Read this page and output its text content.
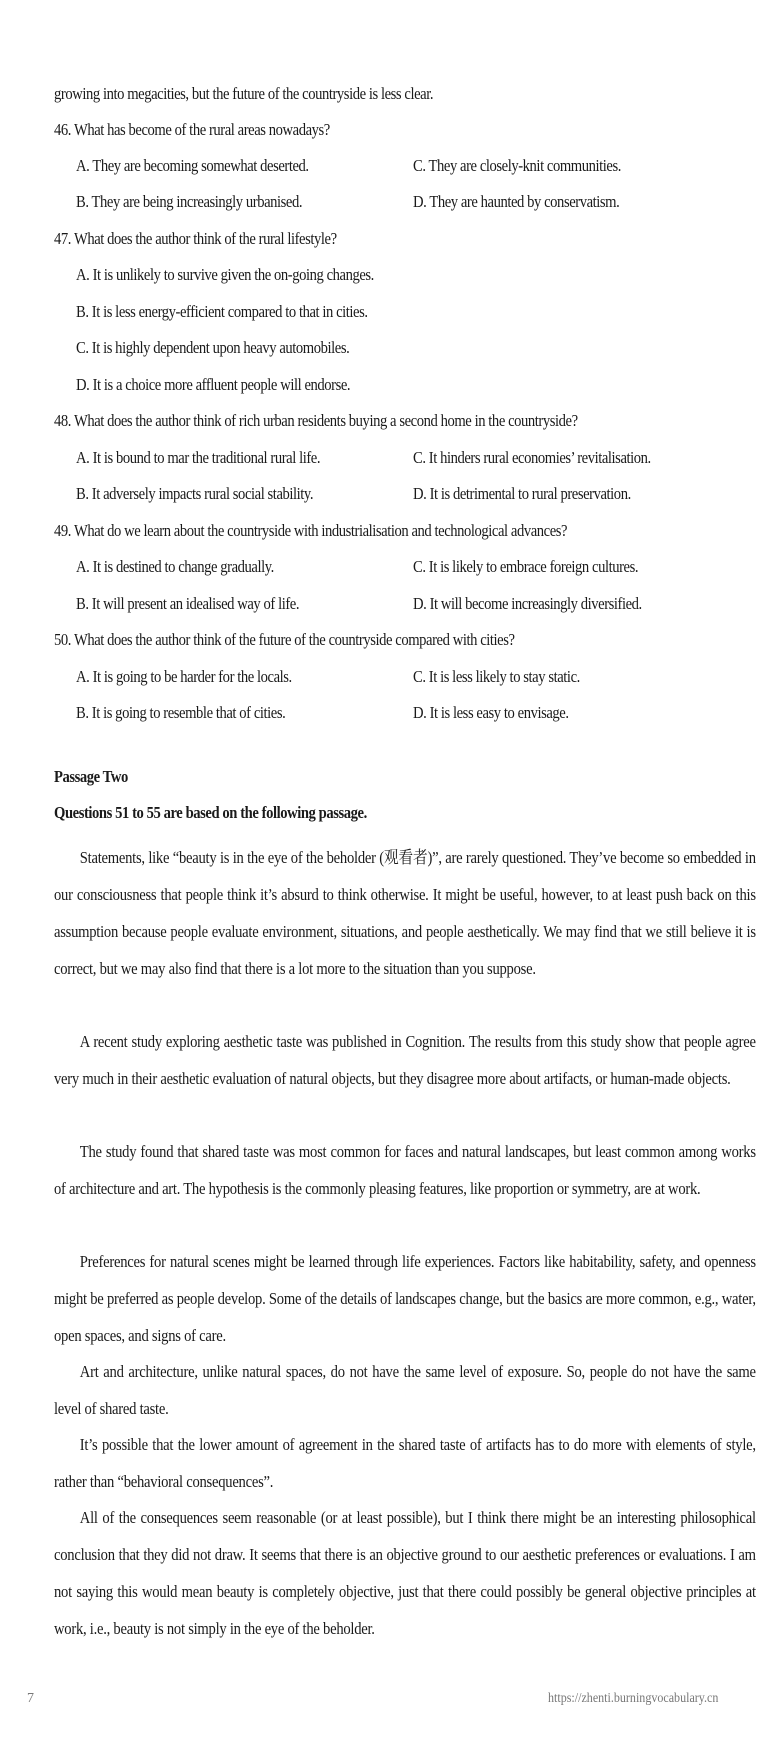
growing into megacities, but the future of the countryside is less clear.
46. What has become of the rural areas nowadays?
A. They are becoming somewhat deserted.	C. They are closely-knit communities.
B. They are being increasingly urbanised.	D. They are haunted by conservatism.
47. What does the author think of the rural lifestyle?
A. It is unlikely to survive given the on-going changes.
B. It is less energy-efficient compared to that in cities.
C. It is highly dependent upon heavy automobiles.
D. It is a choice more affluent people will endorse.
48. What does the author think of rich urban residents buying a second home in the countryside?
A. It is bound to mar the traditional rural life.	C. It hinders rural economies’ revitalisation.
B. It adversely impacts rural social stability.	D. It is detrimental to rural preservation.
49. What do we learn about the countryside with industrialisation and technological advances?
A. It is destined to change gradually.	C. It is likely to embrace foreign cultures.
B. It will present an idealised way of life.	D. It will become increasingly diversified.
50. What does the author think of the future of the countryside compared with cities?
A. It is going to be harder for the locals.	C. It is less likely to stay static.
B. It is going to resemble that of cities.	D. It is less easy to envisage.
Passage Two
Questions 51 to 55 are based on the following passage.
Statements, like “beauty is in the eye of the beholder (观看者)”, are rarely questioned. They’ve become so embedded in our consciousness that people think it’s absurd to think otherwise. It might be useful, however, to at least push back on this assumption because people evaluate environment, situations, and people aesthetically. We may find that we still believe it is correct, but we may also find that there is a lot more to the situation than you suppose.
A recent study exploring aesthetic taste was published in Cognition. The results from this study show that people agree very much in their aesthetic evaluation of natural objects, but they disagree more about artifacts, or human-made objects.
The study found that shared taste was most common for faces and natural landscapes, but least common among works of architecture and art. The hypothesis is the commonly pleasing features, like proportion or symmetry, are at work.
Preferences for natural scenes might be learned through life experiences. Factors like habitability, safety, and openness might be preferred as people develop. Some of the details of landscapes change, but the basics are more common, e.g., water, open spaces, and signs of care.
Art and architecture, unlike natural spaces, do not have the same level of exposure. So, people do not have the same level of shared taste.
It’s possible that the lower amount of agreement in the shared taste of artifacts has to do more with elements of style, rather than “behavioral consequences”.
All of the consequences seem reasonable (or at least possible), but I think there might be an interesting philosophical conclusion that they did not draw. It seems that there is an objective ground to our aesthetic preferences or evaluations. I am not saying this would mean beauty is completely objective, just that there could possibly be general objective principles at work, i.e., beauty is not simply in the eye of the beholder.
7	https://zhenti.burningvocabulary.cn
